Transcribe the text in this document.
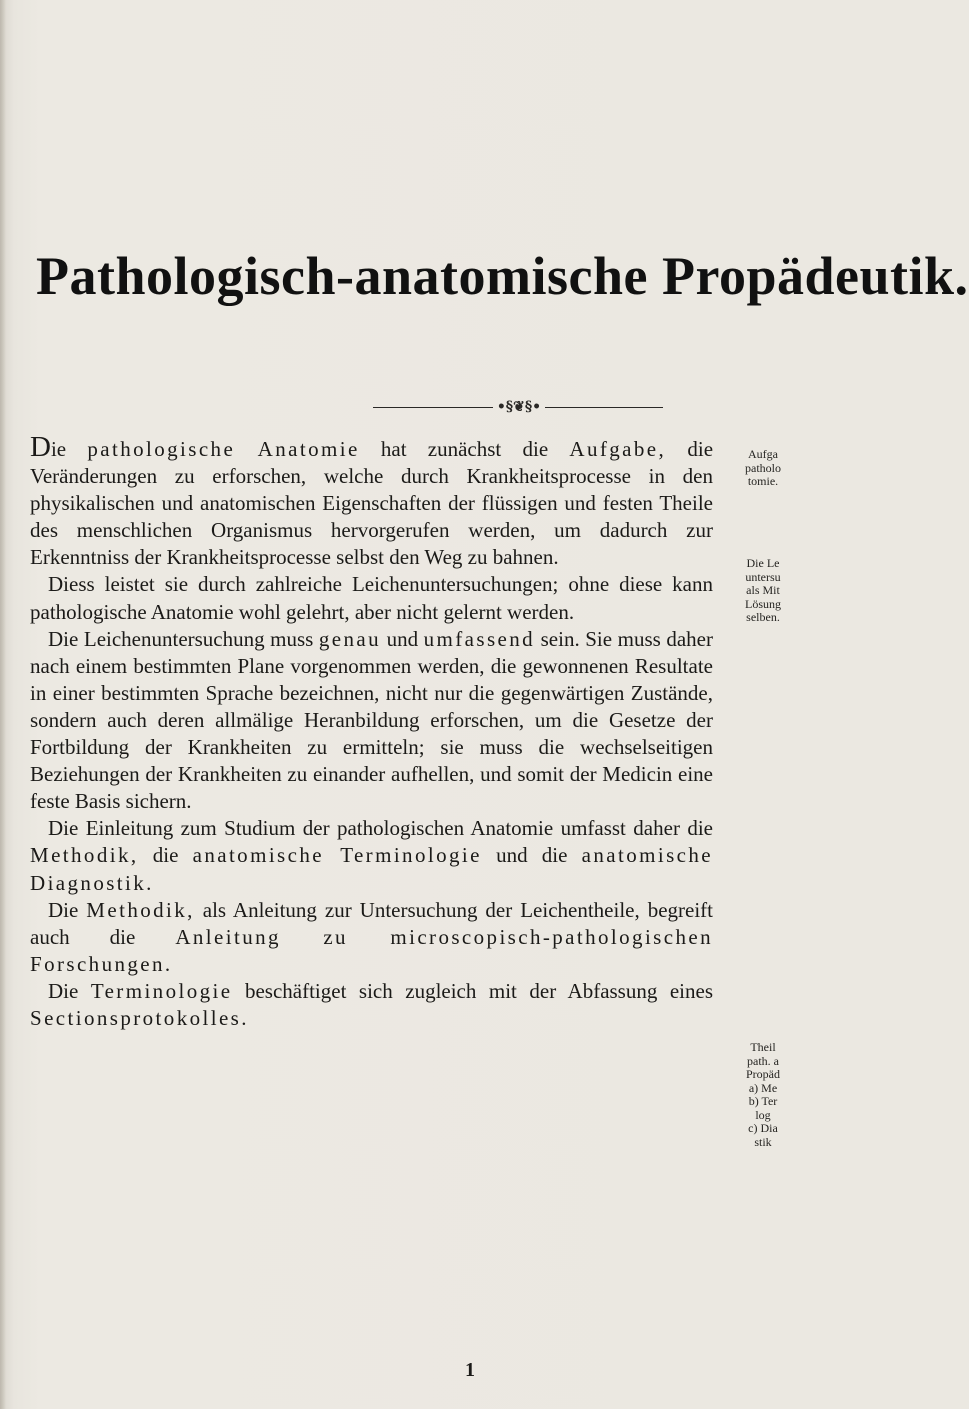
Pathologisch-anatomische Propädeutik.
•§❦§•

Die pathologische Anatomie hat zunächst die Aufgabe, die Veränderungen zu erforschen, welche durch Krankheitsprocesse in den physikalischen und anatomischen Eigenschaften der flüssigen und festen Theile des menschlichen Organismus hervorgerufen werden, um dadurch zur Erkenntniss der Krankheitsprocesse selbst den Weg zu bahnen.

Diess leistet sie durch zahlreiche Leichenuntersuchungen; ohne diese kann pathologische Anatomie wohl gelehrt, aber nicht gelernt werden.

Die Leichenuntersuchung muss genau und umfassend sein. Sie muss daher nach einem bestimmten Plane vorgenommen werden, die gewonnenen Resultate in einer bestimmten Sprache bezeichnen, nicht nur die gegenwärtigen Zustände, sondern auch deren allmälige Heranbildung erforschen, um die Gesetze der Fortbildung der Krankheiten zu ermitteln; sie muss die wechselseitigen Beziehungen der Krankheiten zu einander aufhellen, und somit der Medicin eine feste Basis sichern.

Die Einleitung zum Studium der pathologischen Anatomie umfasst daher die Methodik, die anatomische Terminologie und die anatomische Diagnostik.

Die Methodik, als Anleitung zur Untersuchung der Leichentheile, begreift auch die Anleitung zu microscopisch-pathologischen Forschungen.

Die Terminologie beschäftiget sich zugleich mit der Abfassung eines Sectionsprotokolles.

1
Aufga
patholo
tomie.
Die Le
untersu
als Mit
Lösung
selben.
Theil
path. a
Propäd
a) Me
b) Ter
log
c) Dia
stik
